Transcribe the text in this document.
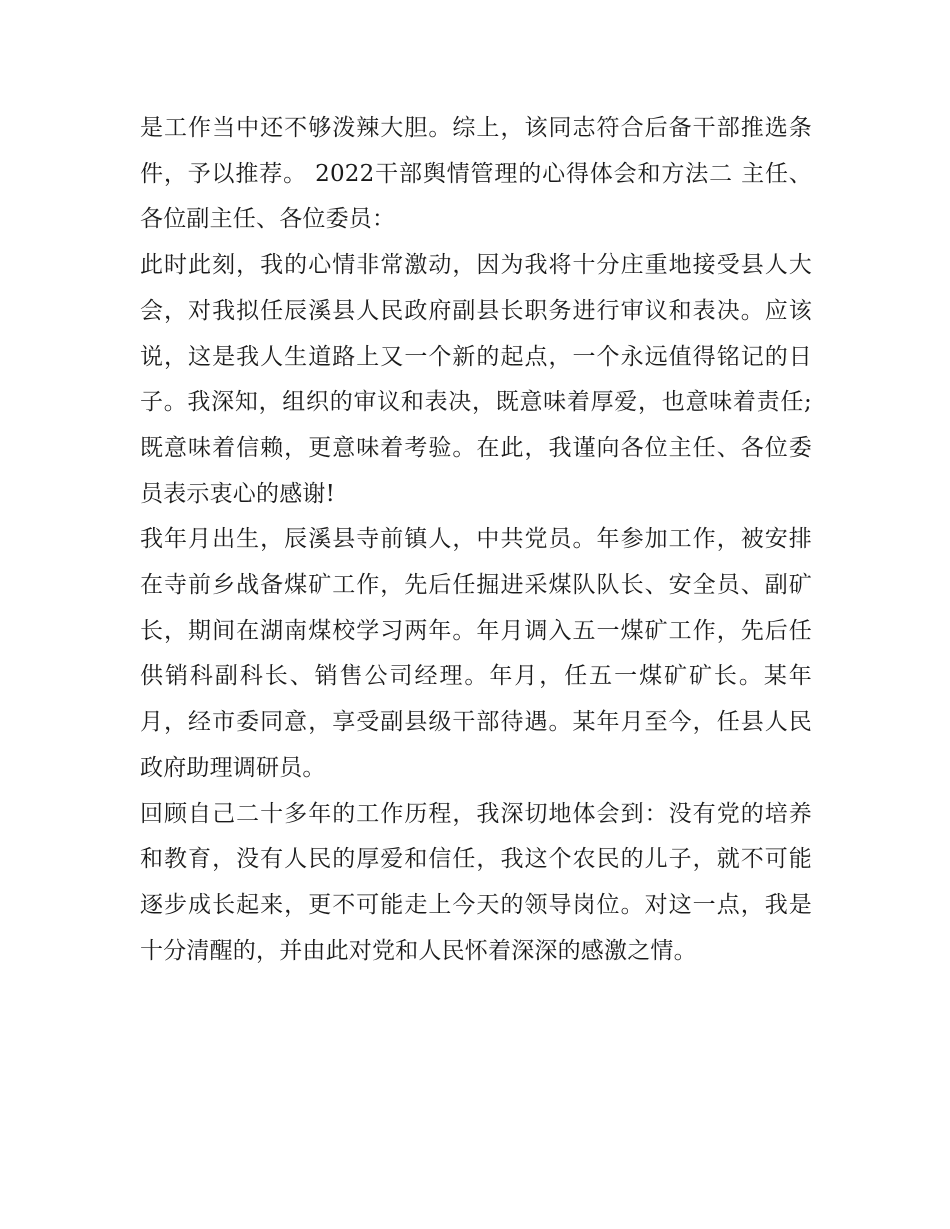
是工作当中还不够泼辣大胆。综上，该同志符合后备干部推选条件，予以推荐。 2022干部舆情管理的心得体会和方法二 主任、各位副主任、各位委员：

此时此刻，我的心情非常激动，因为我将十分庄重地接受县人大会，对我拟任辰溪县人民政府副县长职务进行审议和表决。应该说，这是我人生道路上又一个新的起点，一个永远值得铭记的日子。我深知，组织的审议和表决，既意味着厚爱，也意味着责任;既意味着信赖，更意味着考验。在此，我谨向各位主任、各位委员表示衷心的感谢!

我年月出生，辰溪县寺前镇人，中共党员。年参加工作，被安排在寺前乡战备煤矿工作，先后任掘进采煤队队长、安全员、副矿长，期间在湖南煤校学习两年。年月调入五一煤矿工作，先后任供销科副科长、销售公司经理。年月，任五一煤矿矿长。某年月，经市委同意，享受副县级干部待遇。某年月至今，任县人民政府助理调研员。

回顾自己二十多年的工作历程，我深切地体会到：没有党的培养和教育，没有人民的厚爱和信任，我这个农民的儿子，就不可能逐步成长起来，更不可能走上今天的领导岗位。对这一点，我是十分清醒的，并由此对党和人民怀着深深的感激之情。
